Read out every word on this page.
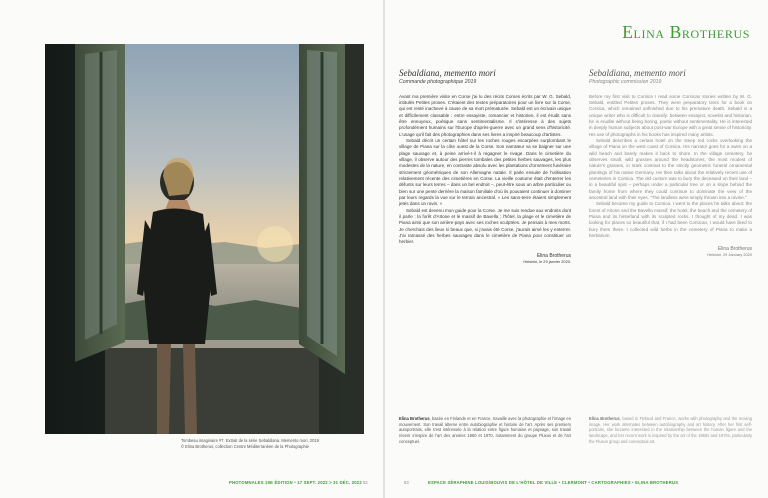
Tombeau imaginaire #7. Extrait de la série Sebaldiana. Memento mori, 2019
© Elina Brotherus, collection Centre Méditerranéen de la Photographie
Elina Brotherus
Sebaldiana, memento mori
Commande photographique 2019

Avant ma première visite en Corse j'ai lu des récits Corses écrits par W. G. Sebald, intitulés Petites proses. C'étaient des textes préparatoires pour un livre sur la Corse, qui est resté inachevé à cause de sa mort prématurée. Sebald est un écrivain unique et difficilement classable : entre essayiste, romancier et historien, il est érudit sans être ennuyeux, poétique sans sentimentalisme. Il s'intéresse à des sujets profondément humains sur l'Europe d'après-guerre avec un grand sens d'historicité. L'usage qu'il fait des photographies dans ses livres a inspiré beaucoup d'artistes.

Sebald décrit un certain hôtel sur les roches rouges escarpées surplombant le village de Piana sur la côte ouest de la Corse. Son narrateur va se baigner sur une plage sauvage et, à peine arrivé-t-il à regagner le rivage. Dans le cimetière du village, il observe autour des pierres tombales des petites herbes sauvages, les plus modestes de la nature, en contraste absolu avec les plantations d'ornement funéraire strictement géométriques de son Allemagne natale. Il parle ensuite de l'utilisation relativement récente des cimetières en Corse. La vieille coutume était d'enterrer les défunts sur leurs terres – dans un bel endroit –, peut-être sous un arbre particulier ou bien sur une pente derrière la maison familiale d'où ils pouvaient continuer à dominer par leurs regards la vue sur le terrain ancestral. « Les sans-terre étaient simplement jetés dans un ravin. »

Sebald est devenu mon guide pour la Corse. Je me suis rendue aux endroits dont il parle : la forêt d'Aïtone et le massif de Bavella ; l'hôtel, la plage et le cimetière de Piana ainsi que son arrière-pays avec ses roches sculptées. Je pensais à mes morts. Je cherchais des lieux si beaux que, si j'avais été Corse, j'aurais aimé les y enterrer. J'ai ramassé des herbes sauvages dans le cimetière de Piana pour constituer un herbier.

Elina Brotherus
Helsinki, le 29 janvier 2020.
Sebaldiana, memento mori
Photographic commission 2019

Before my first visit to Corsica I read some Corsican stories written by W. G. Sebald, entitled Petites proses. They were preparatory texts for a book on Corsica, which remained unfinished due to his premature death. Sebald is a unique writer who is difficult to classify: between essayist, novelist and historian, he is erudite without being boring, poetic without sentimentality. He is interested in deeply human subjects about post-war Europe with a great sense of historicity. His use of photographs in his books has inspired many artists.

Sebald describes a certain hotel on the steep red rocks overlooking the village of Piana on the west coast of Corsica. His narrator goes for a swim on a wild beach and barely makes it back to shore. In the village cemetery, he observes small, wild grasses around the headstones, the most modest of nature's grasses, in stark contrast to the strictly geometric funeral ornamental plantings of his native Germany. He then talks about the relatively recent use of cemeteries in Corsica. The old custom was to bury the deceased on their land – in a beautiful spot – perhaps under a particular tree or on a slope behind the family home from where they could continue to dominate the view of the ancestral land with their eyes. "The landless were simply thrown into a ravine."

Sebald became my guide to Corsica. I went to the places he talks about: the forest of Aïtone and the Bavella massif; the hotel, the beach and the cemetery of Piana and its hinterland with its sculpted rocks. I thought of my dead. I was looking for places so beautiful that, if I had been Corsican, I would have liked to bury them there. I collected wild herbs in the cemetery of Piana to make a herbarium.

Elina Brotherus
Helsinki, 29 January 2020
Elina Brotherus, basée en Finlande et en France, travaille avec la photographie et l'image en mouvement. Son travail alterne entre autobiographie et histoire de l'art. Après ses premiers autoportraits, elle s'est intéressée à la relation entre figure humaine et paysage, son travail récent s'inspire de l'art des années 1960 et 1970, notamment du groupe Fluxus et de l'art conceptuel.
Elina Brotherus, based in Finland and France, works with photography and the moving image. Her work alternates between autobiography and art history. After her first self-portraits, she became interested in the relationship between the human figure and the landscape, and her recent work is inspired by the art of the 1960s and 1970s, particularly the Fluxus group and conceptual art.
PHOTOMNALES 19E ÉDITION • 17 SEPT. 2022 > 31 DÉC. 2022 52	53	ESPACE SÉRAPHINE LOUIS/BOUVIS DE L'HÔTEL DE VILLE • CLERMONT • CARTOGRAPHIES • ELINA BROTHERUS
